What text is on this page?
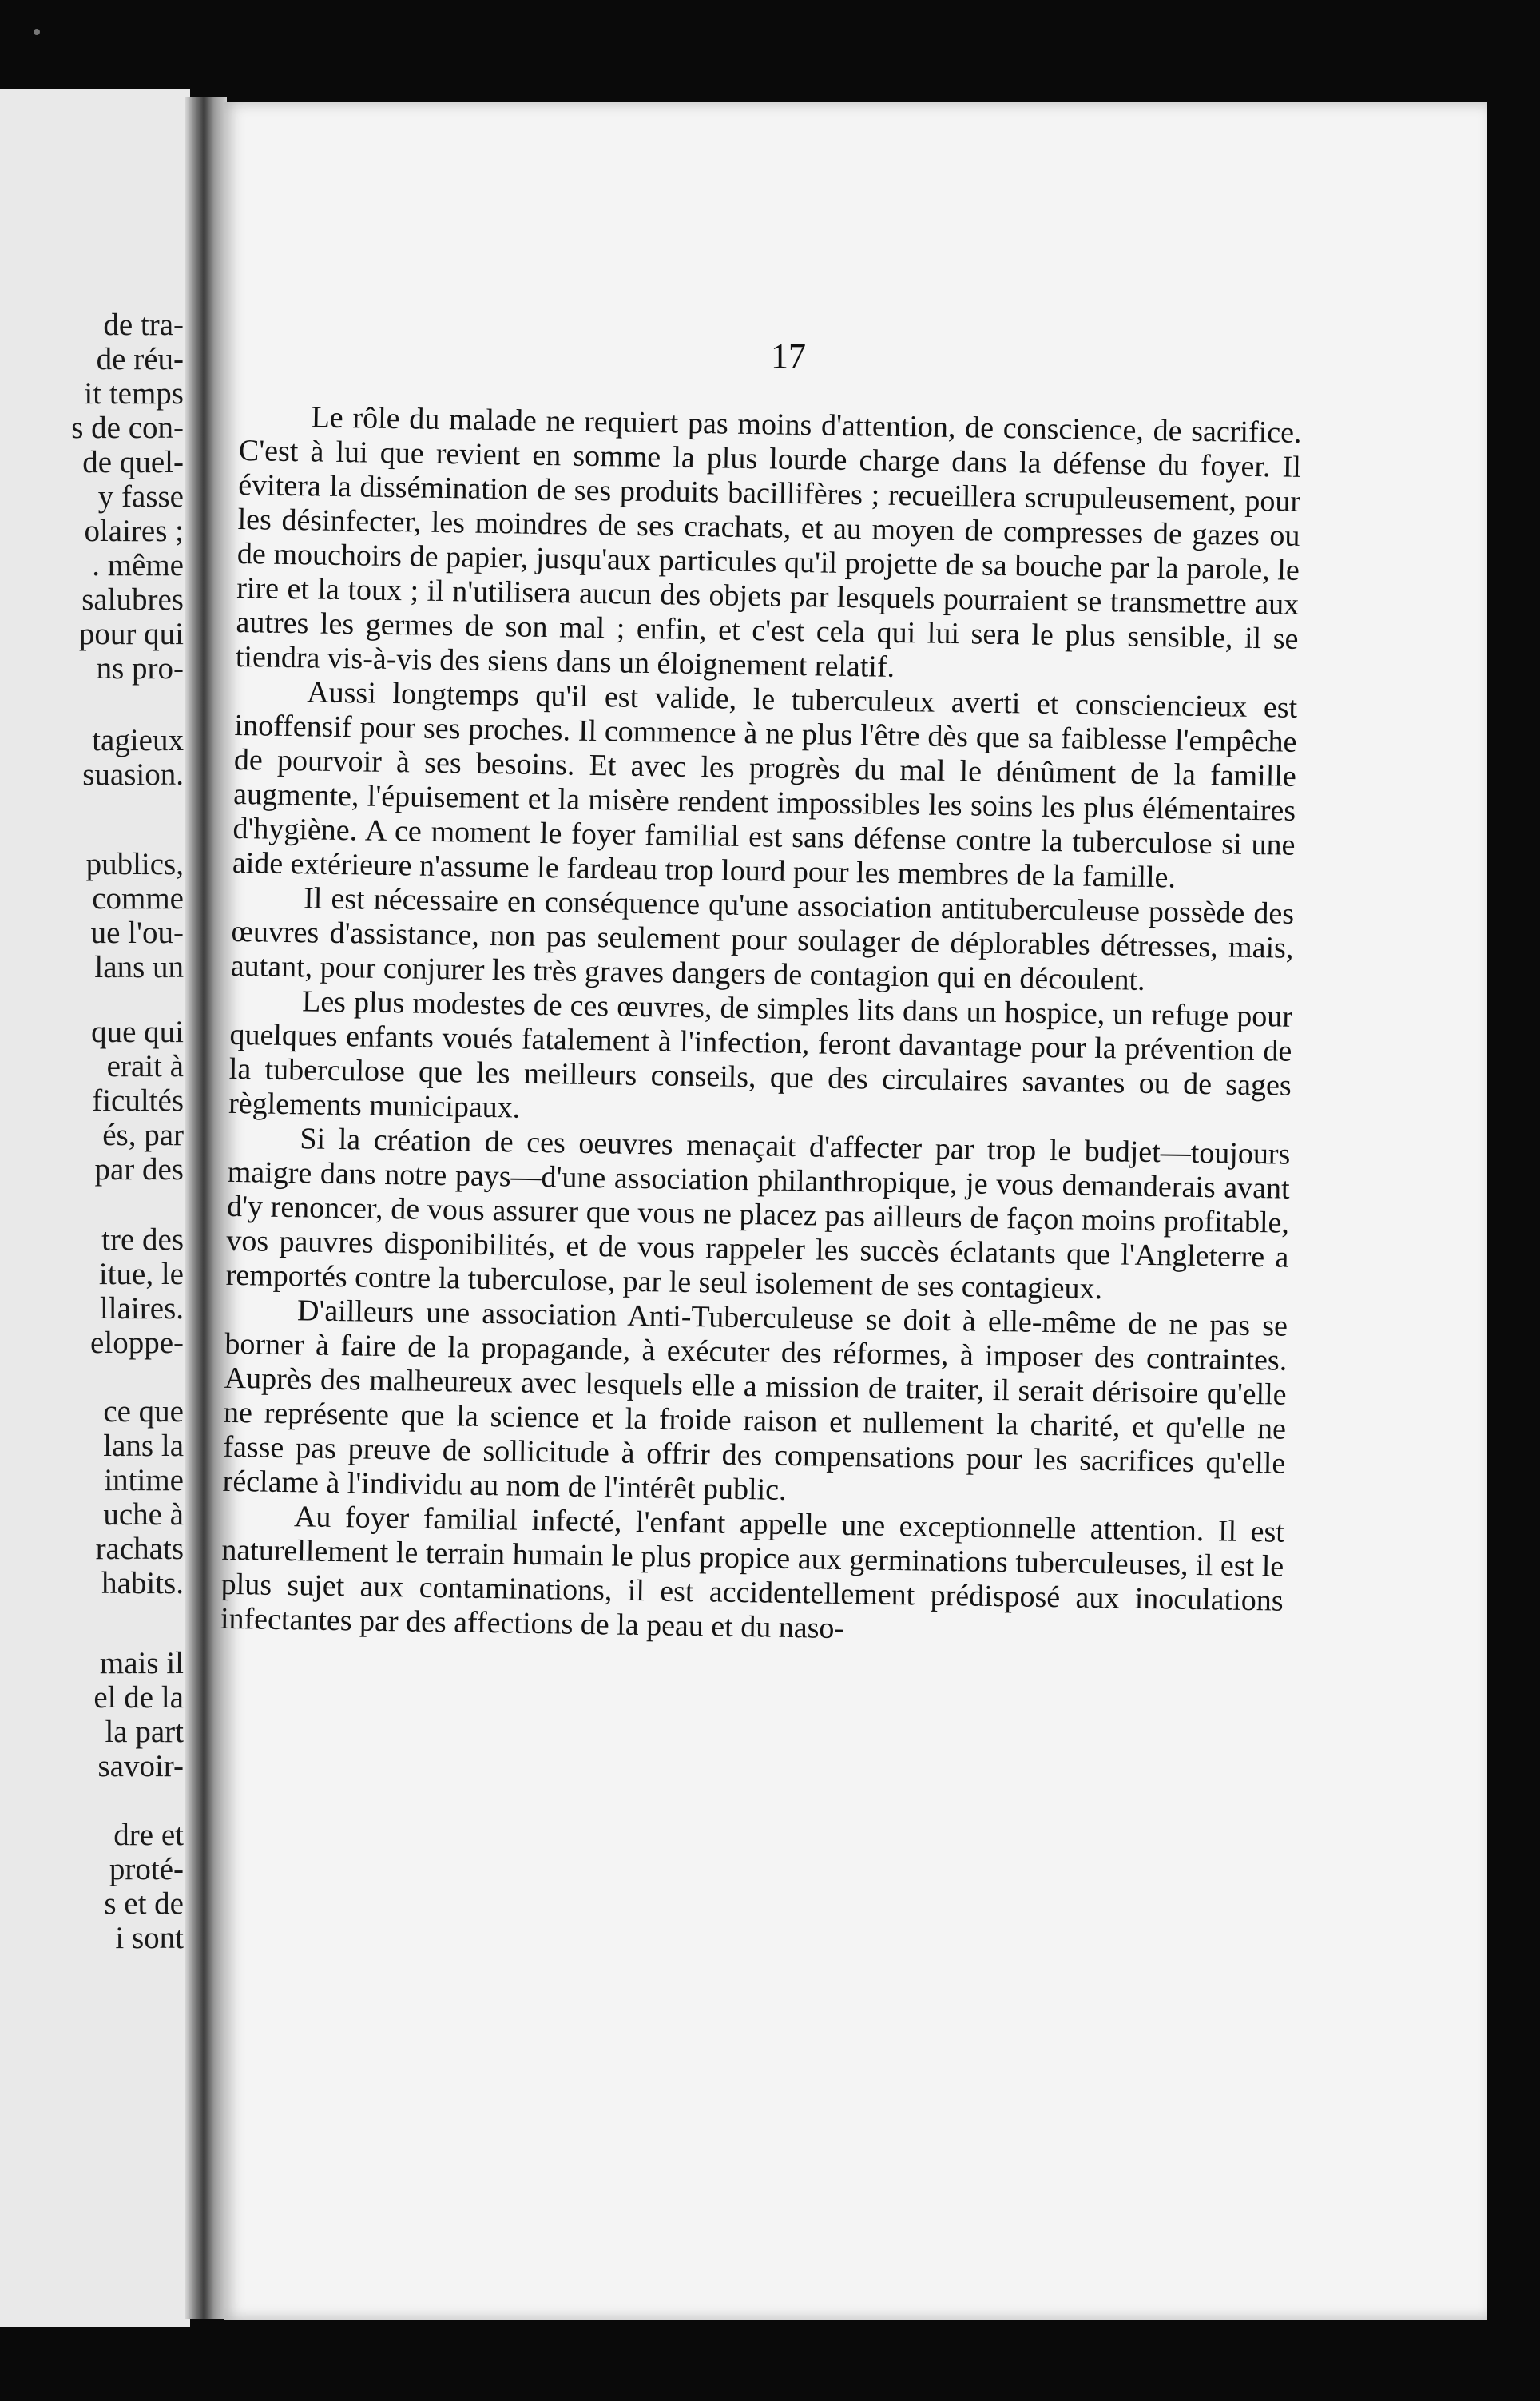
de tra-
de réu-
it temps
s de con-
de quel-
y fasse
olaires ;
. même
salubres
pour qui
ns pro-
tagieux
suasion.
publics,
comme
ue l'ou-
lans un
que qui
erait à
ficultés
és, par
par des
tre des
itue, le
llaires.
eloppe-
ce que
lans la
intime
uche à
rachats
habits.
mais il
el de la
la part
savoir-
dre et
proté-
s et de
i sont
17

Le rôle du malade ne requiert pas moins d'attention, de conscience, de sacrifice. C'est à lui que revient en somme la plus lourde charge dans la défense du foyer. Il évitera la dissémination de ses produits bacillifères ; recueillera scrupuleusement, pour les désinfecter, les moindres de ses crachats, et au moyen de compresses de gazes ou de mouchoirs de papier, jusqu'aux particules qu'il projette de sa bouche par la parole, le rire et la toux ; il n'utilisera aucun des objets par lesquels pourraient se transmettre aux autres les germes de son mal ; enfin, et c'est cela qui lui sera le plus sensible, il se tiendra vis-à-vis des siens dans un éloignement relatif.

Aussi longtemps qu'il est valide, le tuberculeux averti et consciencieux est inoffensif pour ses proches. Il commence à ne plus l'être dès que sa faiblesse l'empêche de pourvoir à ses besoins. Et avec les progrès du mal le dénûment de la famille augmente, l'épuisement et la misère rendent impossibles les soins les plus élémentaires d'hygiène. A ce moment le foyer familial est sans défense contre la tuberculose si une aide extérieure n'assume le fardeau trop lourd pour les membres de la famille.

Il est nécessaire en conséquence qu'une association antituberculeuse possède des œuvres d'assistance, non pas seulement pour soulager de déplorables détresses, mais, autant, pour conjurer les très graves dangers de contagion qui en découlent.

Les plus modestes de ces œuvres, de simples lits dans un hospice, un refuge pour quelques enfants voués fatalement à l'infection, feront davantage pour la prévention de la tuberculose que les meilleurs conseils, que des circulaires savantes ou de sages règlements municipaux.

Si la création de ces oeuvres menaçait d'affecter par trop le budjet—toujours maigre dans notre pays—d'une association philanthropique, je vous demanderais avant d'y renoncer, de vous assurer que vous ne placez pas ailleurs de façon moins profitable, vos pauvres disponibilités, et de vous rappeler les succès éclatants que l'Angleterre a remportés contre la tuberculose, par le seul isolement de ses contagieux.

D'ailleurs une association Anti-Tuberculeuse se doit à elle-même de ne pas se borner à faire de la propagande, à exécuter des réformes, à imposer des contraintes. Auprès des malheureux avec lesquels elle a mission de traiter, il serait dérisoire qu'elle ne représente que la science et la froide raison et nullement la charité, et qu'elle ne fasse pas preuve de sollicitude à offrir des compensations pour les sacrifices qu'elle réclame à l'individu au nom de l'intérêt public.

Au foyer familial infecté, l'enfant appelle une exceptionnelle attention. Il est naturellement le terrain humain le plus propice aux germinations tuberculeuses, il est le plus sujet aux contaminations, il est accidentellement prédisposé aux inoculations infectantes par des affections de la peau et du naso-
